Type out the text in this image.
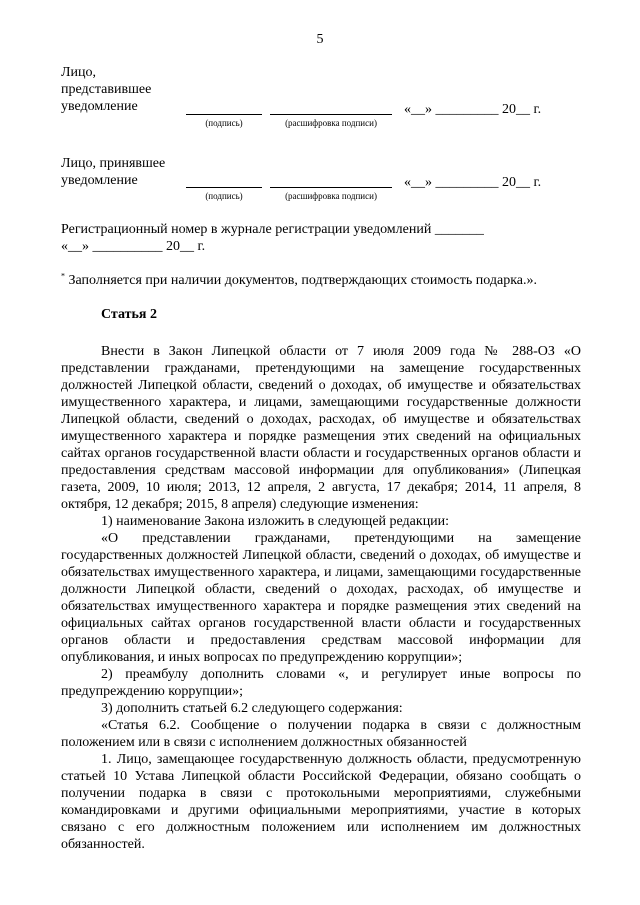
5
Лицо,
представившее
уведомление
(подпись)	(расшифровка подписи)
«__» _________ 20__ г.
Лицо, принявшее
уведомление
(подпись)	(расшифровка подписи)
«__» _________ 20__ г.
Регистрационный номер в журнале регистрации уведомлений _______
«__» __________ 20__ г.
* Заполняется при наличии документов, подтверждающих стоимость подарка.».
Статья 2

Внести в Закон Липецкой области от 7 июля 2009 года № 288-ОЗ «О представлении гражданами, претендующими на замещение государственных должностей Липецкой области, сведений о доходах, об имуществе и обязательствах имущественного характера, и лицами, замещающими государственные должности Липецкой области, сведений о доходах, расходах, об имуществе и обязательствах имущественного характера и порядке размещения этих сведений на официальных сайтах органов государственной власти области и государственных органов области и предоставления средствам массовой информации для опубликования» (Липецкая газета, 2009, 10 июля; 2013, 12 апреля, 2 августа, 17 декабря; 2014, 11 апреля, 8 октября, 12 декабря; 2015, 8 апреля) следующие изменения:

1) наименование Закона изложить в следующей редакции:

«О представлении гражданами, претендующими на замещение государственных должностей Липецкой области, сведений о доходах, об имуществе и обязательствах имущественного характера, и лицами, замещающими государственные должности Липецкой области, сведений о доходах, расходах, об имуществе и обязательствах имущественного характера и порядке размещения этих сведений на официальных сайтах органов государственной власти области и государственных органов области и предоставления средствам массовой информации для опубликования, и иных вопросах по предупреждению коррупции»;

2) преамбулу дополнить словами «, и регулирует иные вопросы по предупреждению коррупции»;

3) дополнить статьей 6.2 следующего содержания:

«Статья 6.2. Сообщение о получении подарка в связи с должностным положением или в связи с исполнением должностных обязанностей

1. Лицо, замещающее государственную должность области, предусмотренную статьей 10 Устава Липецкой области Российской Федерации, обязано сообщать о получении подарка в связи с протокольными мероприятиями, служебными командировками и другими официальными мероприятиями, участие в которых связано с его должностным положением или исполнением им должностных обязанностей.
